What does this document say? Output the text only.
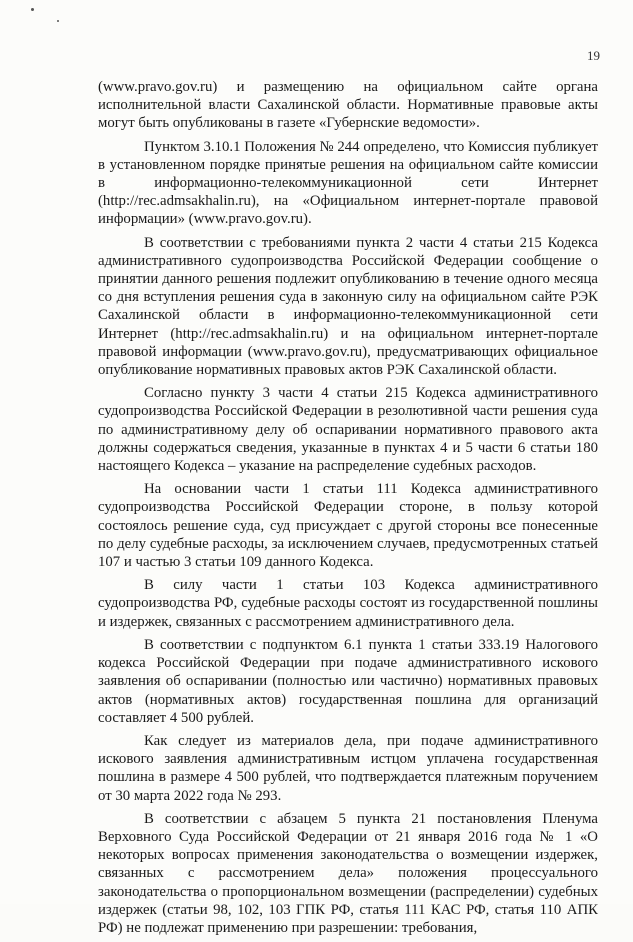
19

(www.pravo.gov.ru) и размещению на официальном сайте органа исполнительной власти Сахалинской области. Нормативные правовые акты могут быть опубликованы в газете «Губернские ведомости».

Пунктом 3.10.1 Положения № 244 определено, что Комиссия публикует в установленном порядке принятые решения на официальном сайте комиссии в информационно-телекоммуникационной сети Интернет (http://rec.admsakhalin.ru), на «Официальном интернет-портале правовой информации» (www.pravo.gov.ru).

В соответствии с требованиями пункта 2 части 4 статьи 215 Кодекса административного судопроизводства Российской Федерации сообщение о принятии данного решения подлежит опубликованию в течение одного месяца со дня вступления решения суда в законную силу на официальном сайте РЭК Сахалинской области в информационно-телекоммуникационной сети Интернет (http://rec.admsakhalin.ru) и на официальном интернет-портале правовой информации (www.pravo.gov.ru), предусматривающих официальное опубликование нормативных правовых актов РЭК Сахалинской области.

Согласно пункту 3 части 4 статьи 215 Кодекса административного судопроизводства Российской Федерации в резолютивной части решения суда по административному делу об оспаривании нормативного правового акта должны содержаться сведения, указанные в пунктах 4 и 5 части 6 статьи 180 настоящего Кодекса – указание на распределение судебных расходов.

На основании части 1 статьи 111 Кодекса административного судопроизводства Российской Федерации стороне, в пользу которой состоялось решение суда, суд присуждает с другой стороны все понесенные по делу судебные расходы, за исключением случаев, предусмотренных статьей 107 и частью 3 статьи 109 данного Кодекса.

В силу части 1 статьи 103 Кодекса административного судопроизводства РФ, судебные расходы состоят из государственной пошлины и издержек, связанных с рассмотрением административного дела.

В соответствии с подпунктом 6.1 пункта 1 статьи 333.19 Налогового кодекса Российской Федерации при подаче административного искового заявления об оспаривании (полностью или частично) нормативных правовых актов (нормативных актов) государственная пошлина для организаций составляет 4 500 рублей.

Как следует из материалов дела, при подаче административного искового заявления административным истцом уплачена государственная пошлина в размере 4 500 рублей, что подтверждается платежным поручением от 30 марта 2022 года № 293.

В соответствии с абзацем 5 пункта 21 постановления Пленума Верховного Суда Российской Федерации от 21 января 2016 года № 1 «О некоторых вопросах применения законодательства о возмещении издержек, связанных с рассмотрением дела» положения процессуального законодательства о пропорциональном возмещении (распределении) судебных издержек (статьи 98, 102, 103 ГПК РФ, статья 111 КАС РФ, статья 110 АПК РФ) не подлежат применению при разрешении: требования,
